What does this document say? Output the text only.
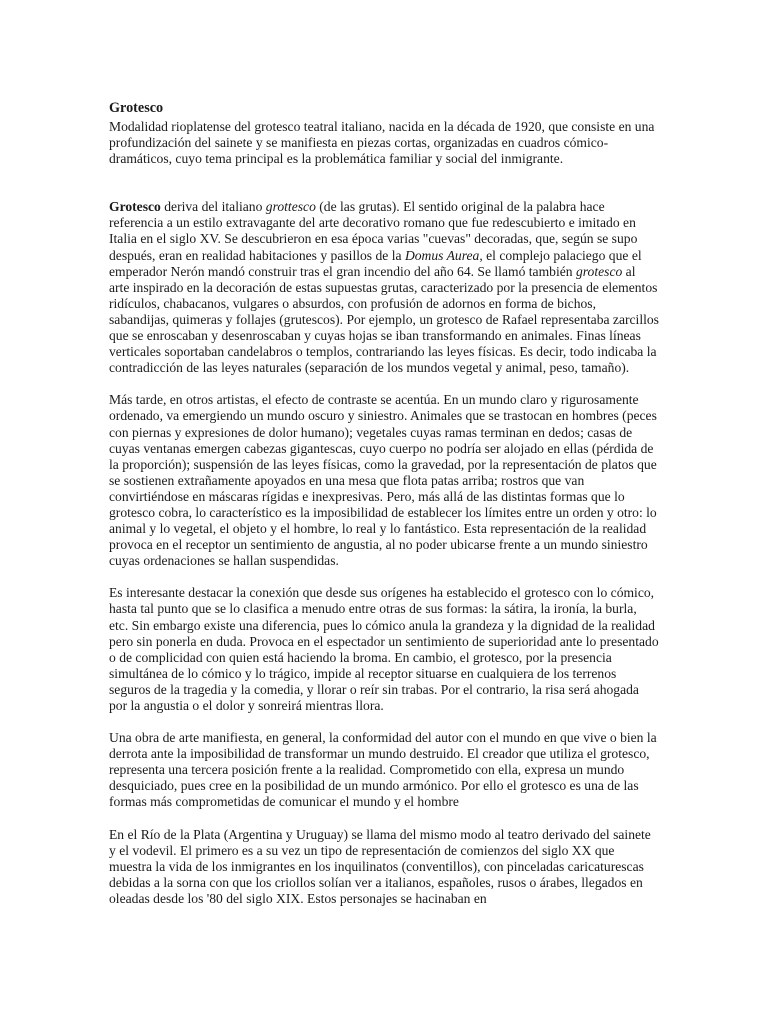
Grotesco

Modalidad rioplatense del grotesco teatral italiano, nacida en la década de 1920, que consiste en una profundización del sainete y se manifiesta en piezas cortas, organizadas en cuadros cómico-dramáticos, cuyo tema principal es la problemática familiar y social del inmigrante.

Grotesco deriva del italiano grottesco (de las grutas). El sentido original de la palabra hace referencia a un estilo extravagante del arte decorativo romano que fue redescubierto e imitado en Italia en el siglo XV. Se descubrieron en esa época varias "cuevas" decoradas, que, según se supo después, eran en realidad habitaciones y pasillos de la Domus Aurea, el complejo palaciego que el emperador Nerón mandó construir tras el gran incendio del año 64. Se llamó también grotesco al arte inspirado en la decoración de estas supuestas grutas, caracterizado por la presencia de elementos ridículos, chabacanos, vulgares o absurdos, con profusión de adornos en forma de bichos, sabandijas, quimeras y follajes (grutescos). Por ejemplo, un grotesco de Rafael representaba zarcillos que se enroscaban y desenroscaban y cuyas hojas se iban transformando en animales. Finas líneas verticales soportaban candelabros o templos, contrariando las leyes físicas. Es decir, todo indicaba la contradicción de las leyes naturales (separación de los mundos vegetal y animal, peso, tamaño).

Más tarde, en otros artistas, el efecto de contraste se acentúa. En un mundo claro y rigurosamente ordenado, va emergiendo un mundo oscuro y siniestro. Animales que se trastocan en hombres (peces con piernas y expresiones de dolor humano); vegetales cuyas ramas terminan en dedos; casas de cuyas ventanas emergen cabezas gigantescas, cuyo cuerpo no podría ser alojado en ellas (pérdida de la proporción); suspensión de las leyes físicas, como la gravedad, por la representación de platos que se sostienen extrañamente apoyados en una mesa que flota patas arriba; rostros que van convirtiéndose en máscaras rígidas e inexpresivas. Pero, más allá de las distintas formas que lo grotesco cobra, lo característico es la imposibilidad de establecer los límites entre un orden y otro: lo animal y lo vegetal, el objeto y el hombre, lo real y lo fantástico. Esta representación de la realidad provoca en el receptor un sentimiento de angustia, al no poder ubicarse frente a un mundo siniestro cuyas ordenaciones se hallan suspendidas.

Es interesante destacar la conexión que desde sus orígenes ha establecido el grotesco con lo cómico, hasta tal punto que se lo clasifica a menudo entre otras de sus formas: la sátira, la ironía, la burla, etc. Sin embargo existe una diferencia, pues lo cómico anula la grandeza y la dignidad de la realidad pero sin ponerla en duda. Provoca en el espectador un sentimiento de superioridad ante lo presentado o de complicidad con quien está haciendo la broma. En cambio, el grotesco, por la presencia simultánea de lo cómico y lo trágico, impide al receptor situarse en cualquiera de los terrenos seguros de la tragedia y la comedia, y llorar o reír sin trabas. Por el contrario, la risa será ahogada por la angustia o el dolor y sonreirá mientras llora.

Una obra de arte manifiesta, en general, la conformidad del autor con el mundo en que vive o bien la derrota ante la imposibilidad de transformar un mundo destruido. El creador que utiliza el grotesco, representa una tercera posición frente a la realidad. Comprometido con ella, expresa un mundo desquiciado, pues cree en la posibilidad de un mundo armónico. Por ello el grotesco es una de las formas más comprometidas de comunicar el mundo y el hombre

En el Río de la Plata (Argentina y Uruguay) se llama del mismo modo al teatro derivado del sainete y el vodevil. El primero es a su vez un tipo de representación de comienzos del siglo XX que muestra la vida de los inmigrantes en los inquilinatos (conventillos), con pinceladas caricaturescas debidas a la sorna con que los criollos solían ver a italianos, españoles, rusos o árabes, llegados en oleadas desde los '80 del siglo XIX. Estos personajes se hacinaban en
